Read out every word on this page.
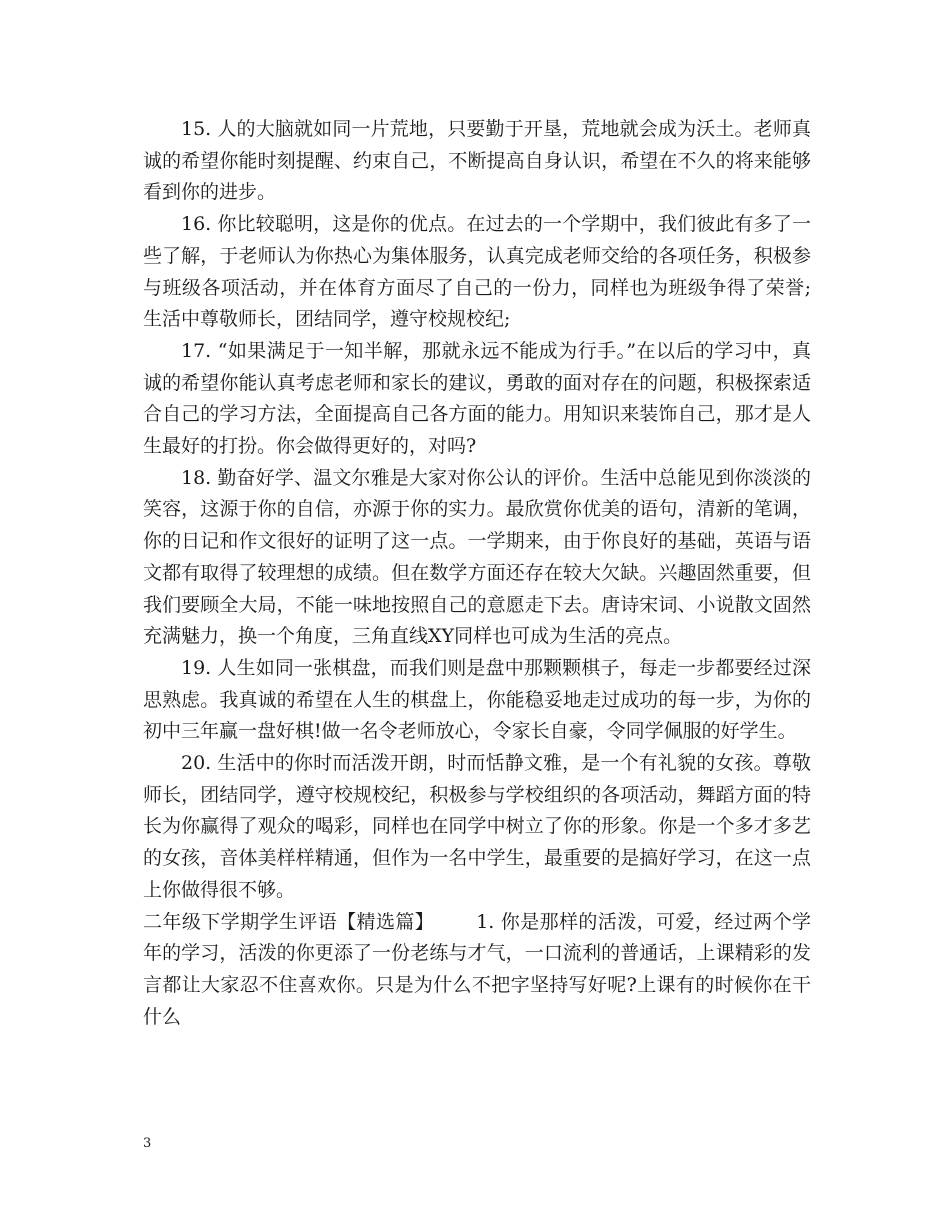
15. 人的大脑就如同一片荒地，只要勤于开垦，荒地就会成为沃土。老师真诚的希望你能时刻提醒、约束自己，不断提高自身认识，希望在不久的将来能够看到你的进步。

16. 你比较聪明，这是你的优点。在过去的一个学期中，我们彼此有多了一些了解，于老师认为你热心为集体服务，认真完成老师交给的各项任务，积极参与班级各项活动，并在体育方面尽了自己的一份力，同样也为班级争得了荣誉;生活中尊敬师长，团结同学，遵守校规校纪;

17. “如果满足于一知半解，那就永远不能成为行手。”在以后的学习中，真诚的希望你能认真考虑老师和家长的建议，勇敢的面对存在的问题，积极探索适合自己的学习方法，全面提高自己各方面的能力。用知识来装饰自己，那才是人生最好的打扮。你会做得更好的，对吗?

18. 勤奋好学、温文尔雅是大家对你公认的评价。生活中总能见到你淡淡的笑容，这源于你的自信，亦源于你的实力。最欣赏你优美的语句，清新的笔调，你的日记和作文很好的证明了这一点。一学期来，由于你良好的基础，英语与语文都有取得了较理想的成绩。但在数学方面还存在较大欠缺。兴趣固然重要，但我们要顾全大局，不能一味地按照自己的意愿走下去。唐诗宋词、小说散文固然充满魅力，换一个角度，三角直线XY同样也可成为生活的亮点。

19. 人生如同一张棋盘，而我们则是盘中那颗颗棋子，每走一步都要经过深思熟虑。我真诚的希望在人生的棋盘上，你能稳妥地走过成功的每一步，为你的初中三年赢一盘好棋!做一名令老师放心，令家长自豪，令同学佩服的好学生。

20. 生活中的你时而活泼开朗，时而恬静文雅，是一个有礼貌的女孩。尊敬师长，团结同学，遵守校规校纪，积极参与学校组织的各项活动，舞蹈方面的特长为你赢得了观众的喝彩，同样也在同学中树立了你的形象。你是一个多才多艺的女孩，音体美样样精通，但作为一名中学生，最重要的是搞好学习，在这一点上你做得很不够。

二年级下学期学生评语【精选篇】 1. 你是那样的活泼，可爱，经过两个学年的学习，活泼的你更添了一份老练与才气，一口流利的普通话，上课精彩的发言都让大家忍不住喜欢你。只是为什么不把字坚持写好呢?上课有的时候你在干什么

3
